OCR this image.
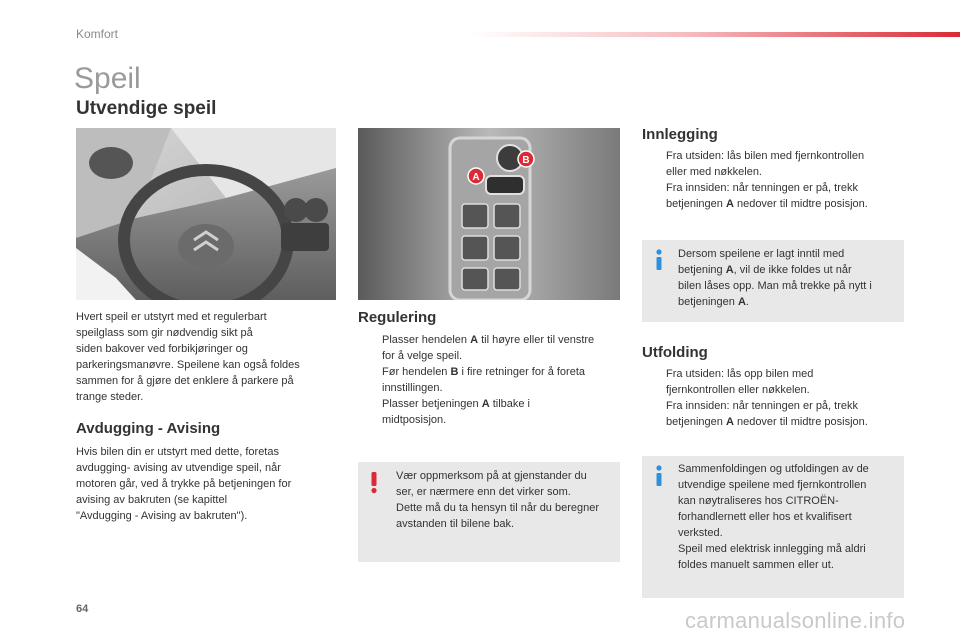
Komfort
Speil
Utvendige speil
B
A
Hvert speil er utstyrt med et regulerbart
speilglass som gir nødvendig sikt på
siden bakover ved forbikjøringer og
parkeringsmanøvre. Speilene kan også foldes
sammen for å gjøre det enklere å parkere på
trange steder.
Avdugging - Avising
Hvis bilen din er utstyrt med dette, foretas
avdugging- avising av utvendige speil, når
motoren går, ved å trykke på betjeningen for
avising av bakruten (se kapittel
"Avdugging - Avising av bakruten").
Regulering
Plasser hendelen A til høyre eller til venstre
for å velge speil.
Før hendelen B i fire retninger for å foreta
innstillingen.
Plasser betjeningen A tilbake i
midtposisjon.
Vær oppmerksom på at gjenstander du
ser, er nærmere enn det virker som.
Dette må du ta hensyn til når du beregner
avstanden til bilene bak.
Innlegging
Fra utsiden: lås bilen med fjernkontrollen
eller med nøkkelen.
Fra innsiden: når tenningen er på, trekk
betjeningen A nedover til midtre posisjon.
Dersom speilene er lagt inntil med
betjening A, vil de ikke foldes ut når
bilen låses opp. Man må trekke på nytt i
betjeningen A.
Utfolding
Fra utsiden: lås opp bilen med
fjernkontrollen eller nøkkelen.
Fra innsiden: når tenningen er på, trekk
betjeningen A nedover til midtre posisjon.
Sammenfoldingen og utfoldingen av de
utvendige speilene med fjernkontrollen
kan nøytraliseres hos CITROËN-
forhandlernett eller hos et kvalifisert
verksted.
Speil med elektrisk innlegging må aldri
foldes manuelt sammen eller ut.
64	carmanualsonline.info
